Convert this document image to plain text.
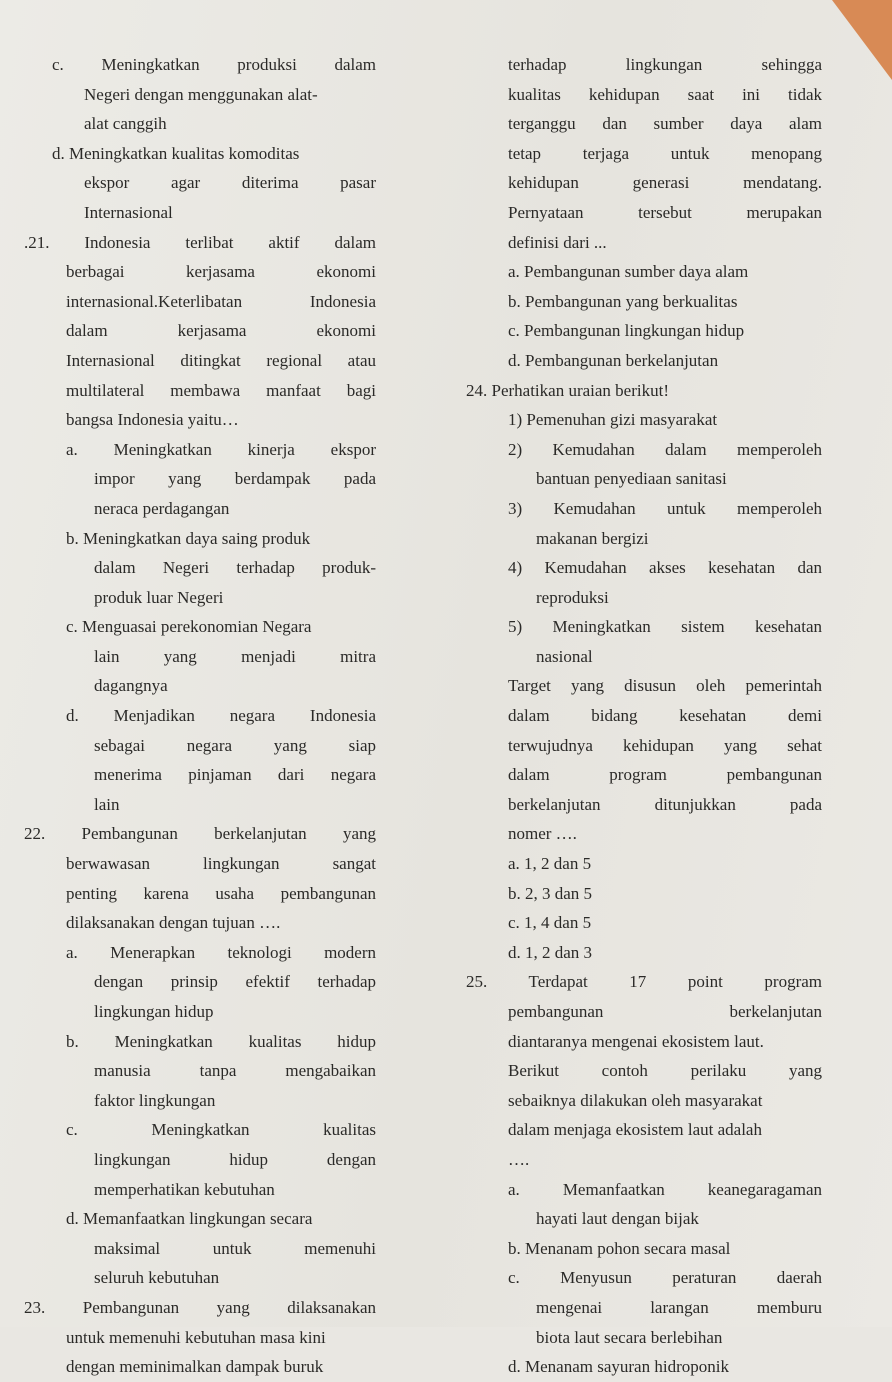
c. Meningkatkan produksi dalam
Negeri dengan menggunakan alat-
alat canggih
d. Meningkatkan kualitas komoditas
ekspor agar diterima pasar
Internasional
.21. Indonesia terlibat aktif dalam
berbagai kerjasama ekonomi
internasional.Keterlibatan Indonesia
dalam kerjasama ekonomi
Internasional ditingkat regional atau
multilateral membawa manfaat bagi
bangsa Indonesia yaitu…
a. Meningkatkan kinerja ekspor
impor yang berdampak pada
neraca perdagangan
b. Meningkatkan daya saing produk
dalam Negeri terhadap produk-
produk luar Negeri
c. Menguasai perekonomian Negara
lain yang menjadi mitra
dagangnya
d. Menjadikan negara Indonesia
sebagai negara yang siap
menerima pinjaman dari negara
lain
22. Pembangunan berkelanjutan yang
berwawasan lingkungan sangat
penting karena usaha pembangunan
dilaksanakan dengan tujuan ….
a. Menerapkan teknologi modern
dengan prinsip efektif terhadap
lingkungan hidup
b. Meningkatkan kualitas hidup
manusia tanpa mengabaikan
faktor lingkungan
c. Meningkatkan kualitas
lingkungan hidup dengan
memperhatikan kebutuhan
d. Memanfaatkan lingkungan secara
maksimal untuk memenuhi
seluruh kebutuhan
23. Pembangunan yang dilaksanakan
untuk memenuhi kebutuhan masa kini
dengan meminimalkan dampak buruk
terhadap lingkungan sehingga
kualitas kehidupan saat ini tidak
terganggu dan sumber daya alam
tetap terjaga untuk menopang
kehidupan generasi mendatang.
Pernyataan tersebut merupakan
definisi dari ...
a. Pembangunan sumber daya alam
b. Pembangunan yang berkualitas
c. Pembangunan lingkungan hidup
d. Pembangunan berkelanjutan
24. Perhatikan uraian berikut!
1) Pemenuhan gizi masyarakat
2) Kemudahan dalam memperoleh
bantuan penyediaan sanitasi
3) Kemudahan untuk memperoleh
makanan bergizi
4) Kemudahan akses kesehatan dan
reproduksi
5) Meningkatkan sistem kesehatan
nasional
Target yang disusun oleh pemerintah
dalam bidang kesehatan demi
terwujudnya kehidupan yang sehat
dalam program pembangunan
berkelanjutan ditunjukkan pada
nomer ….
a. 1, 2 dan 5
b. 2, 3 dan 5
c. 1, 4 dan 5
d. 1, 2 dan 3
25. Terdapat 17 point program
pembangunan berkelanjutan
diantaranya mengenai ekosistem laut.
Berikut contoh perilaku yang
sebaiknya dilakukan oleh masyarakat
dalam menjaga ekosistem laut adalah
….
a. Memanfaatkan keanegaragaman
hayati laut dengan bijak
b. Menanam pohon secara masal
c. Menyusun peraturan daerah
mengenai larangan memburu
biota laut secara berlebihan
d. Menanam sayuran hidroponik
